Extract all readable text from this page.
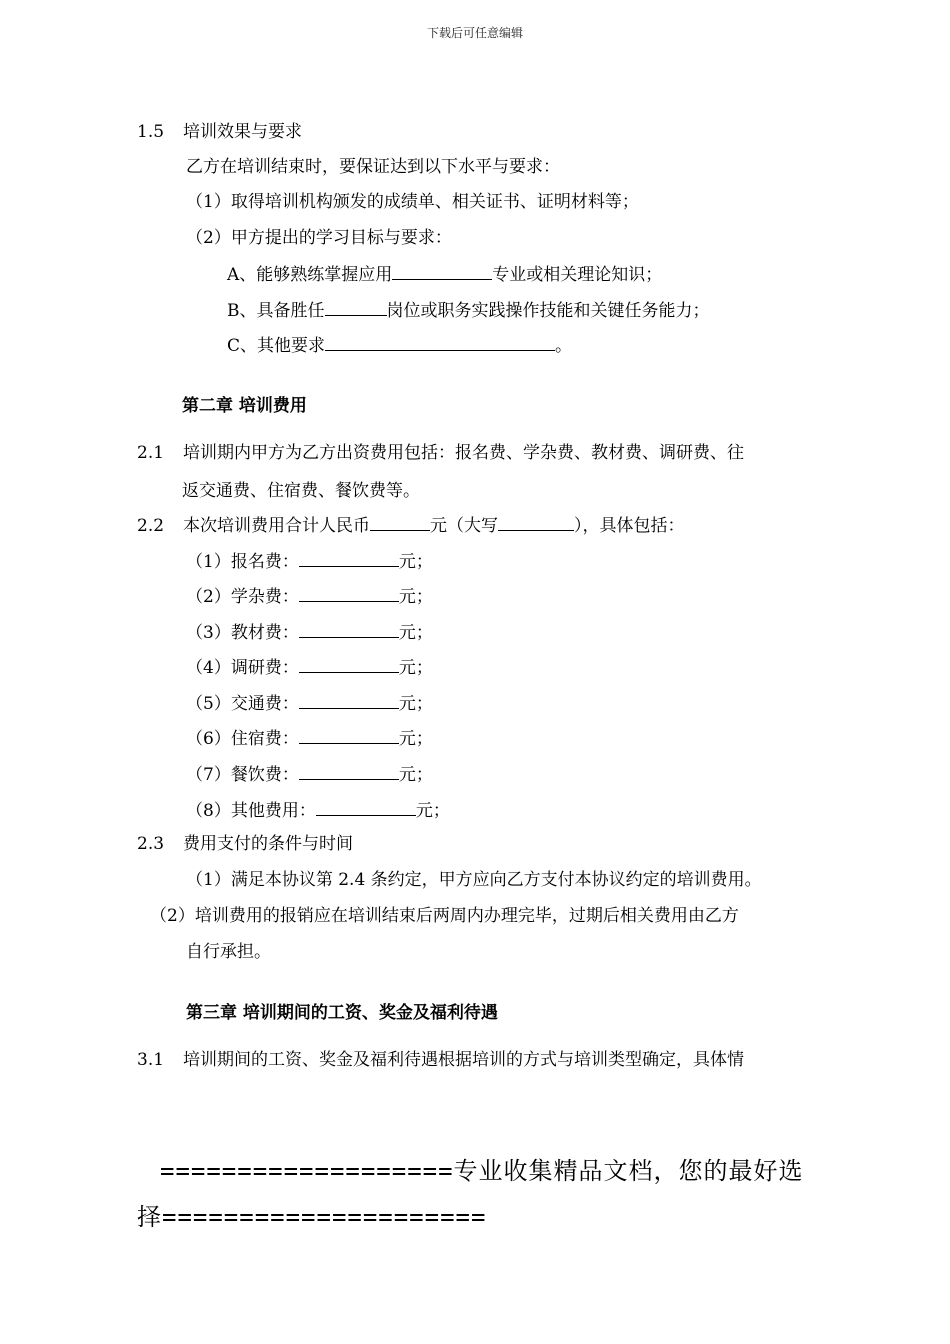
下载后可任意编辑
1.5 培训效果与要求
乙方在培训结束时，要保证达到以下水平与要求：
（1）取得培训机构颁发的成绩单、相关证书、证明材料等；
（2）甲方提出的学习目标与要求：
A、能够熟练掌握应用	专业或相关理论知识；
B、具备胜任	岗位或职务实践操作技能和关键任务能力；
C、其他要求	。
第二章 培训费用
2.1 培训期内甲方为乙方出资费用包括：报名费、学杂费、教材费、调研费、往
返交通费、住宿费、餐饮费等。
2.2 本次培训费用合计人民币	元（大写	），具体包括：
（1）报名费：	元；
（2）学杂费：	元；
（3）教材费：	元；
（4）调研费：	元；
（5）交通费：	元；
（6）住宿费：	元；
（7）餐饮费：	元；
（8）其他费用：	元；
2.3 费用支付的条件与时间
（1）满足本协议第 2.4 条约定，甲方应向乙方支付本协议约定的培训费用。
（2）培训费用的报销应在培训结束后两周内办理完毕，过期后相关费用由乙方
自行承担。
第三章 培训期间的工资、奖金及福利待遇
3.1 培训期间的工资、奖金及福利待遇根据培训的方式与培训类型确定，具体情
===================专业收集精品文档，您的最好选
择=====================
